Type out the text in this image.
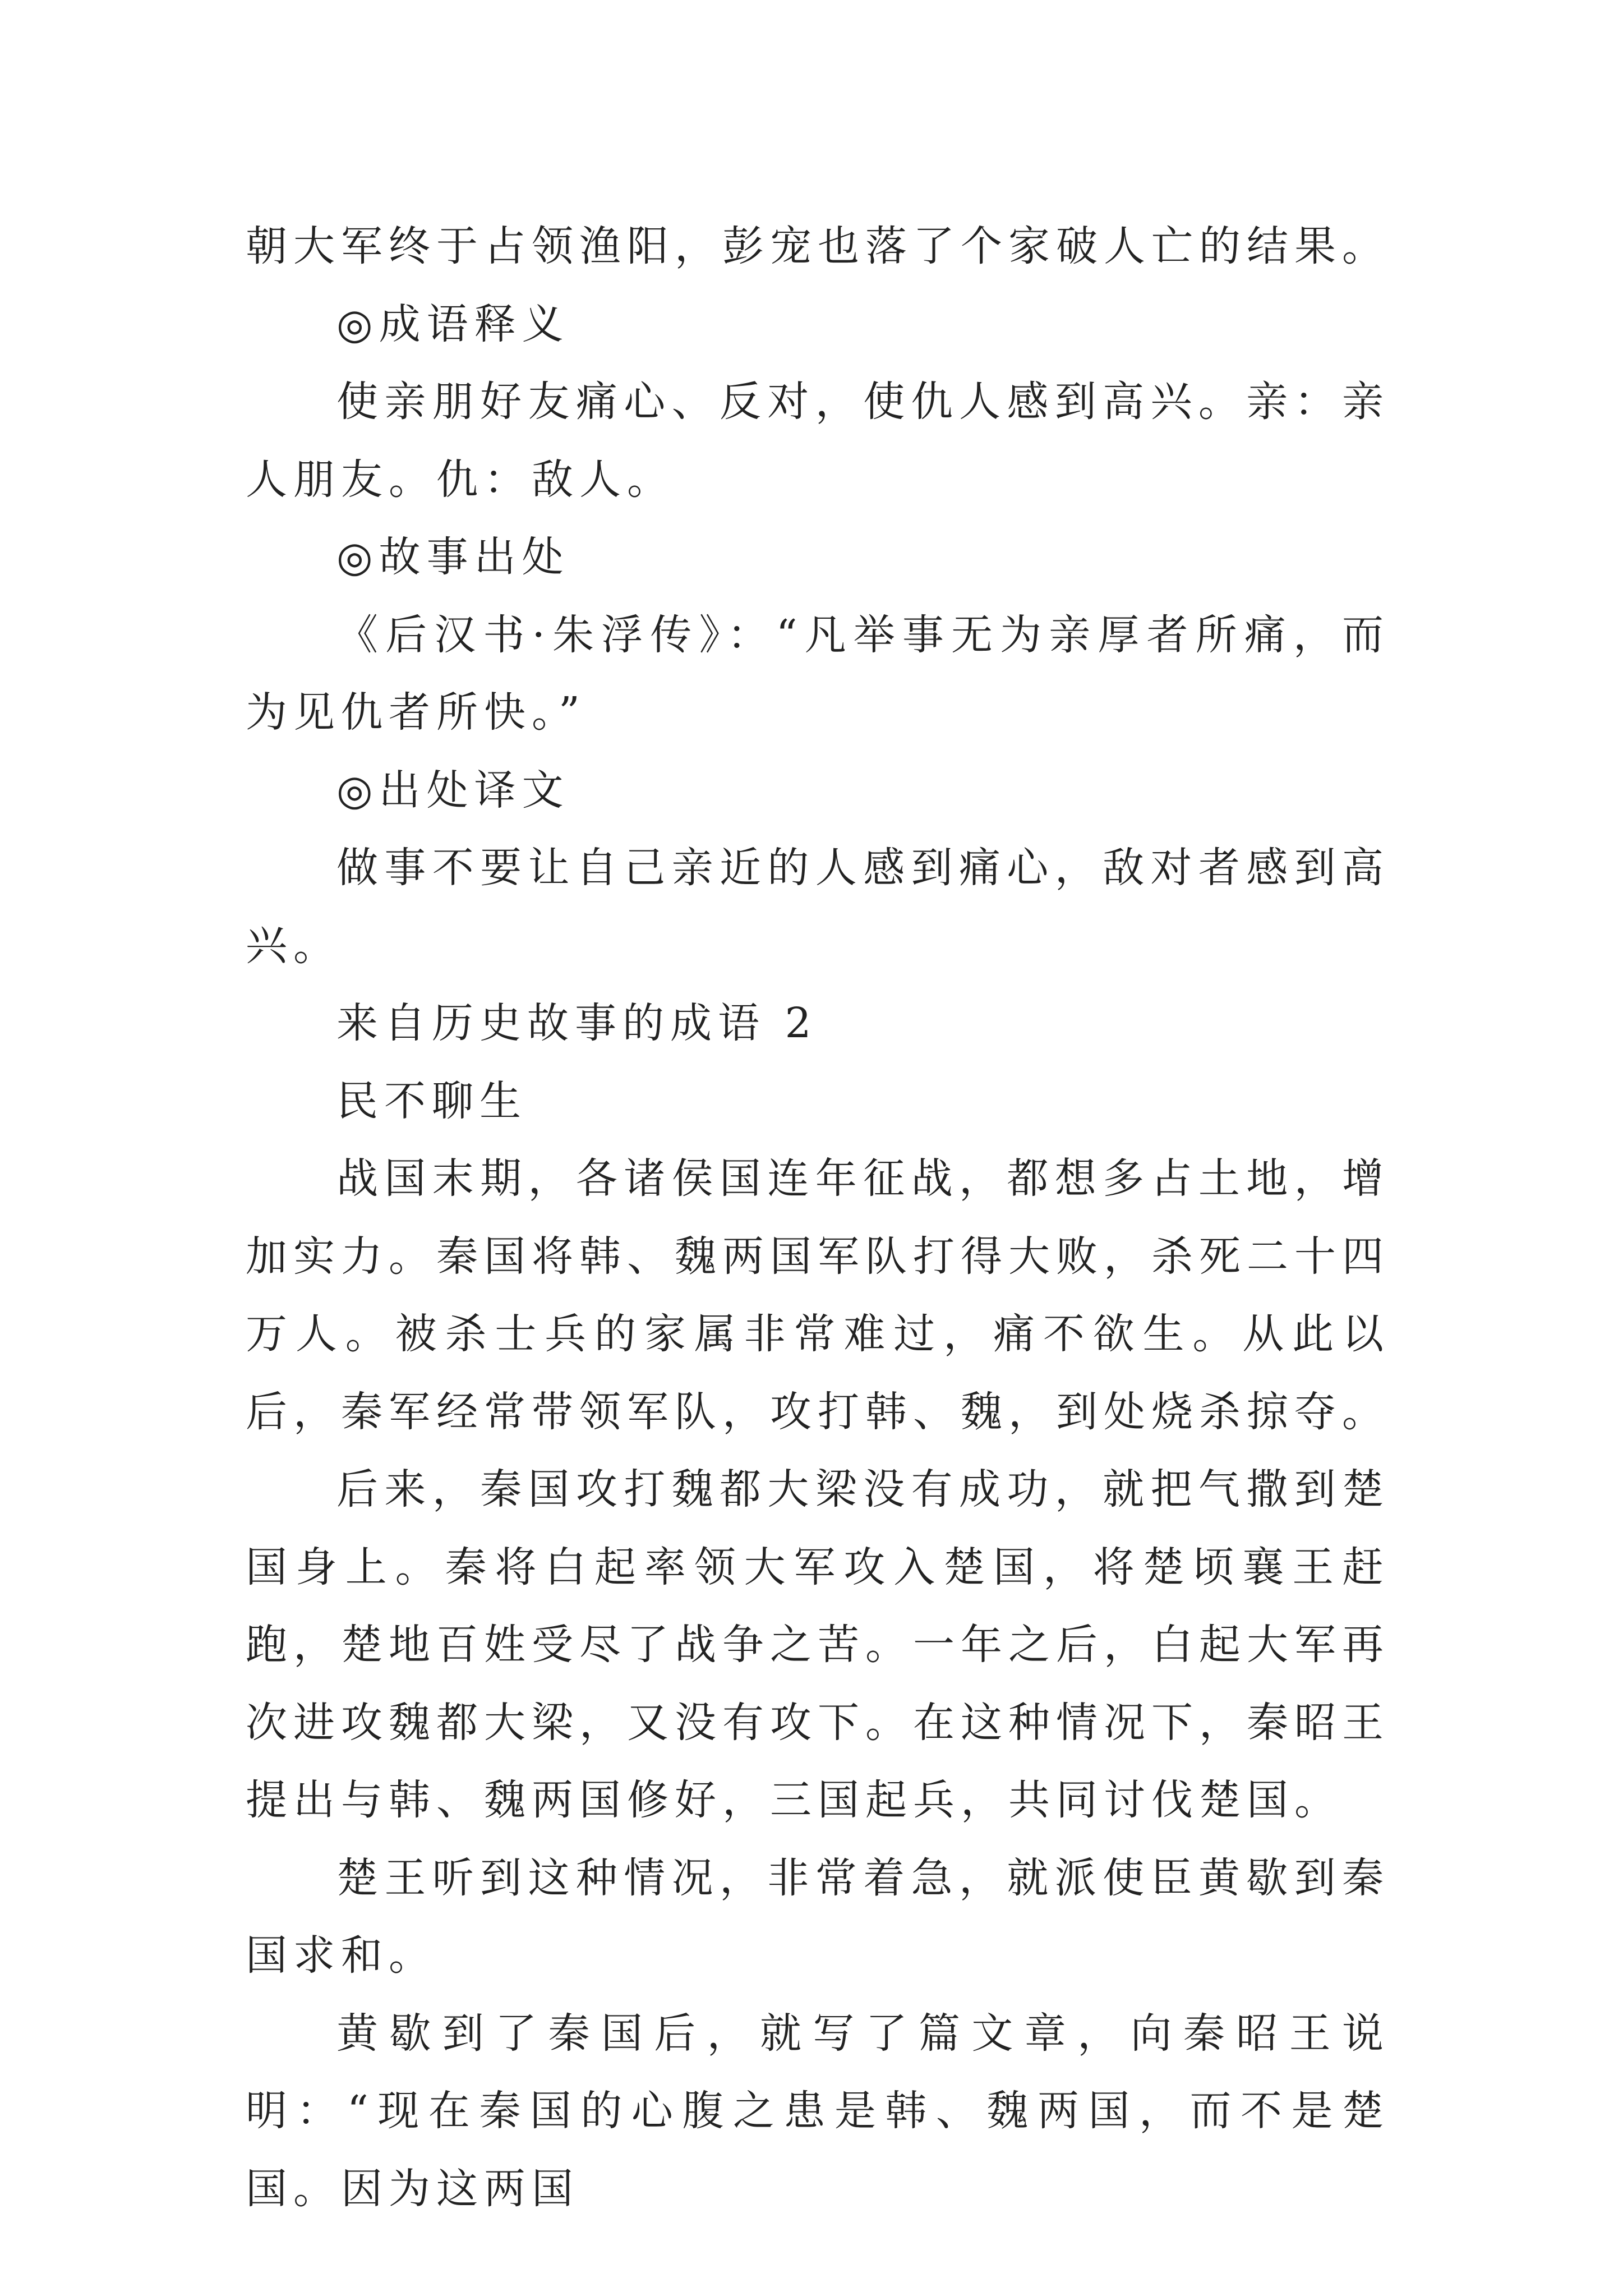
朝大军终于占领渔阳，彭宠也落了个家破人亡的结果。

◎成语释义

使亲朋好友痛心、反对，使仇人感到高兴。亲：亲人朋友。仇：敌人。

◎故事出处

《后汉书·朱浮传》：“凡举事无为亲厚者所痛，而为见仇者所快。”

◎出处译文

做事不要让自己亲近的人感到痛心，敌对者感到高兴。

来自历史故事的成语 2

民不聊生

战国末期，各诸侯国连年征战，都想多占土地，增加实力。秦国将韩、魏两国军队打得大败，杀死二十四万人。被杀士兵的家属非常难过，痛不欲生。从此以后，秦军经常带领军队，攻打韩、魏，到处烧杀掠夺。

后来，秦国攻打魏都大梁没有成功，就把气撒到楚国身上。秦将白起率领大军攻入楚国，将楚顷襄王赶跑，楚地百姓受尽了战争之苦。一年之后，白起大军再次进攻魏都大梁，又没有攻下。在这种情况下，秦昭王提出与韩、魏两国修好，三国起兵，共同讨伐楚国。

楚王听到这种情况，非常着急，就派使臣黄歇到秦国求和。

黄歇到了秦国后，就写了篇文章，向秦昭王说明：“现在秦国的心腹之患是韩、魏两国，而不是楚国。因为这两国
